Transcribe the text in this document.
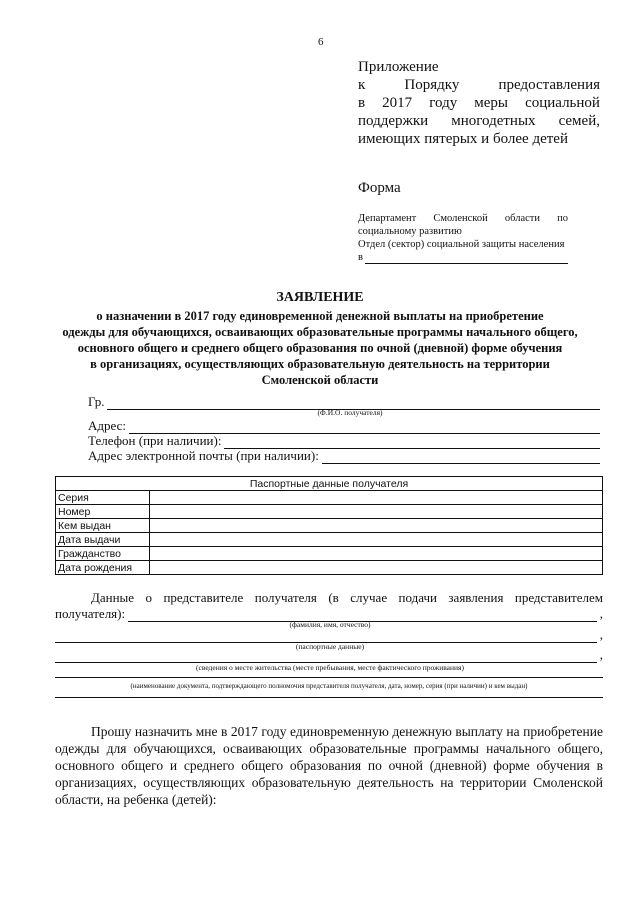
6
Приложение
к	Порядку	предоставления
в 2017 году меры социальной
поддержки многодетных семей,
имеющих пятерых и более детей
Форма
Департамент Смоленской области по
социальному развитию
Отдел (сектор) социальной защиты населения
в
ЗАЯВЛЕНИЕ
о назначении в 2017 году единовременной денежной выплаты на приобретение
одежды для обучающихся, осваивающих образовательные программы начального общего,
основного общего и среднего общего образования по очной (дневной) форме обучения
в организациях, осуществляющих образовательную деятельность на территории
Смоленской области
Гр.
(Ф.И.О. получателя)
Адрес:
Телефон (при наличии):
Адрес электронной почты (при наличии):
Паспортные данные получателя	
Серия	
Номер	
Кем выдан	
Дата выдачи	
Гражданство	
Дата рождения	
Данные о представителе получателя (в случае подачи заявления представителем
получателя):	,
(фамилия, имя, отчество)
,
(паспортные данные)
,
(сведения о месте жительства (месте пребывания, месте фактического проживания)
(наименование документа, подтверждающего полномочия представителя получателя, дата, номер, серия (при наличии) и кем выдан)
Прошу назначить мне в 2017 году единовременную денежную выплату на приобретение одежды для обучающихся, осваивающих образовательные программы начального общего, основного общего и среднего общего образования по очной (дневной) форме обучения в организациях, осуществляющих образовательную деятельность на территории Смоленской области, на ребенка (детей):
